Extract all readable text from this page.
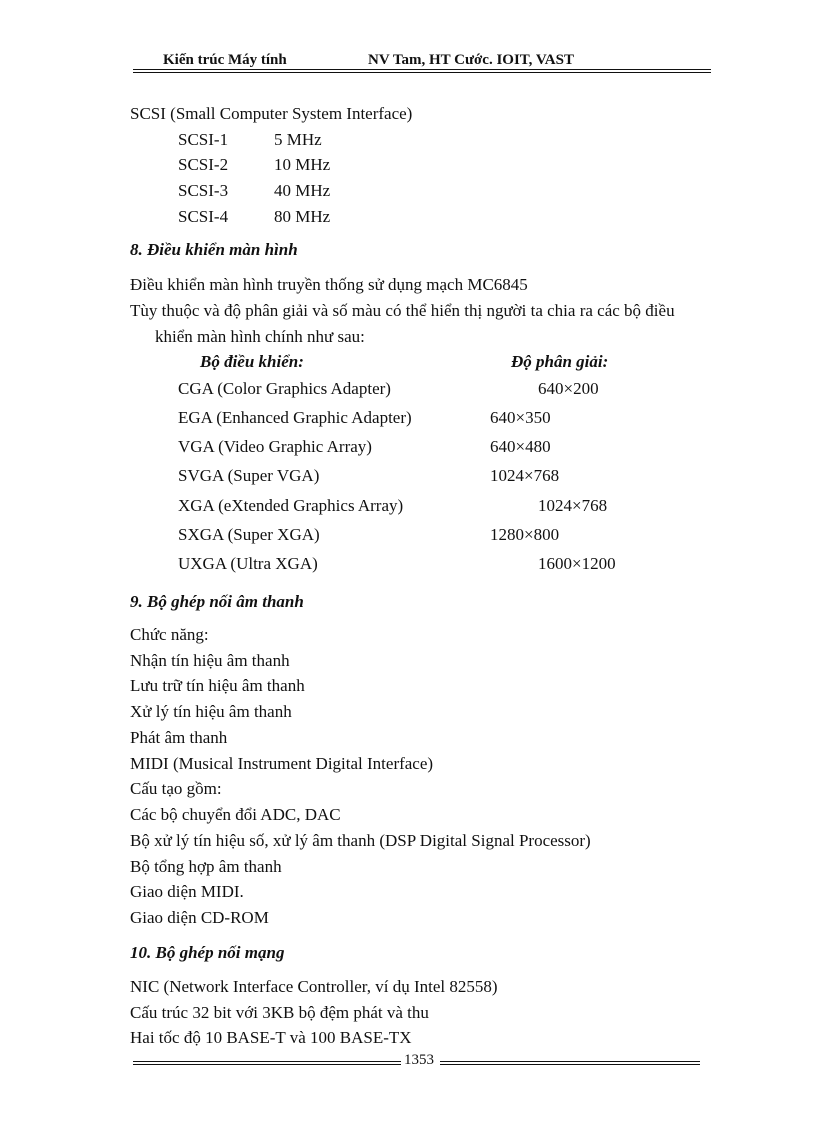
Kiến trúc Máy tính	NV Tam, HT Cước. IOIT, VAST
SCSI (Small Computer System Interface)
SCSI-1	5 MHz
SCSI-2	10 MHz
SCSI-3	40 MHz
SCSI-4	80 MHz
8. Điều khiển màn hình
Điều khiển màn hình truyền thống sử dụng mạch MC6845
Tùy thuộc và độ phân giải và số màu có thể hiển thị người ta chia ra các bộ điều
khiển màn hình chính như sau:
Bộ điều khiển:	Độ phân giải:
CGA (Color Graphics Adapter)	640×200
EGA (Enhanced Graphic Adapter)	640×350
VGA (Video Graphic Array)	640×480
SVGA (Super VGA)	1024×768
XGA (eXtended Graphics Array)	1024×768
SXGA (Super XGA)	1280×800
UXGA (Ultra XGA)	1600×1200
9. Bộ ghép nối âm thanh
Chức năng:
Nhận tín hiệu âm thanh
Lưu trữ tín hiệu âm thanh
Xử lý tín hiệu âm thanh
Phát âm thanh
MIDI (Musical Instrument Digital Interface)
Cấu tạo gồm:
Các bộ chuyển đổi ADC, DAC
Bộ xử lý tín hiệu số, xử lý âm thanh (DSP Digital Signal Processor)
Bộ tổng hợp âm thanh
Giao diện MIDI.
Giao diện CD-ROM
10. Bộ ghép nối mạng
NIC (Network Interface Controller, ví dụ Intel 82558)
Cấu trúc 32 bit với 3KB bộ đệm phát và thu
Hai tốc độ 10 BASE-T và 100 BASE-TX
1353
